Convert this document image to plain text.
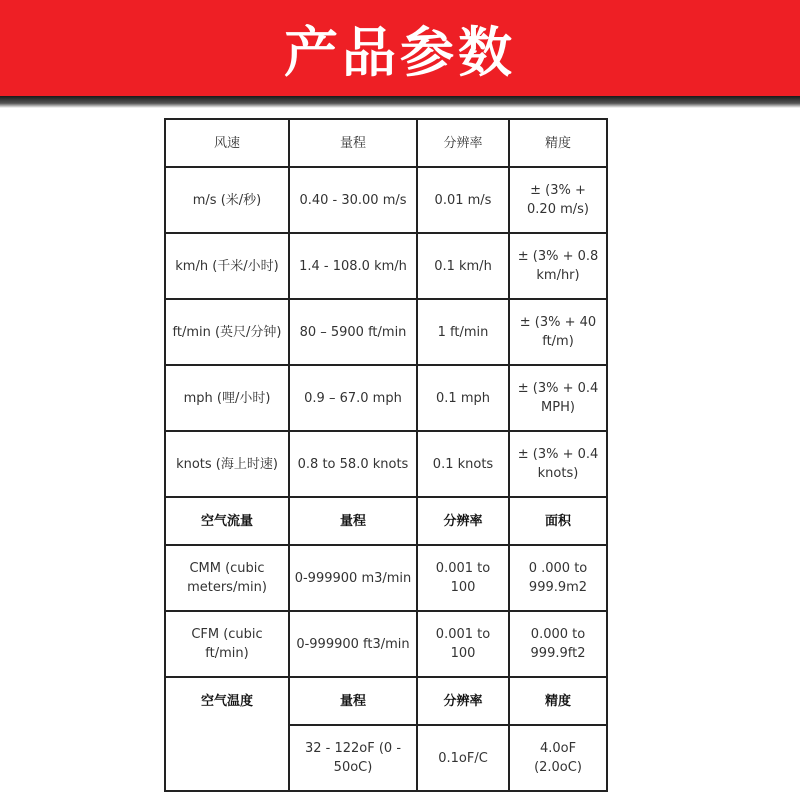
产品参数
风速	量程	分辨率	精度
m/s (米/秒)	0.40 - 30.00 m/s	0.01 m/s	± (3% + 0.20 m/s)
km/h (千米/小时)	1.4 - 108.0 km/h	0.1 km/h	± (3% + 0.8 km/hr)
ft/min (英尺/分钟)	80 – 5900 ft/min	1 ft/min	± (3% + 40 ft/m)
mph (哩/小时)	0.9 – 67.0 mph	0.1 mph	± (3% + 0.4 MPH)
knots (海上时速)	0.8 to 58.0 knots	0.1 knots	± (3% + 0.4 knots)
空气流量	量程	分辨率	面积
CMM (cubic meters/min)	0-999900 m3/min	0.001 to 100	0 .000 to 999.9m2
CFM (cubic ft/min)	0-999900 ft3/min	0.001 to 100	0.000 to 999.9ft2
空气温度	量程	分辨率	精度
	32 - 122oF (0 - 50oC)	0.1oF/C	4.0oF (2.0oC)
